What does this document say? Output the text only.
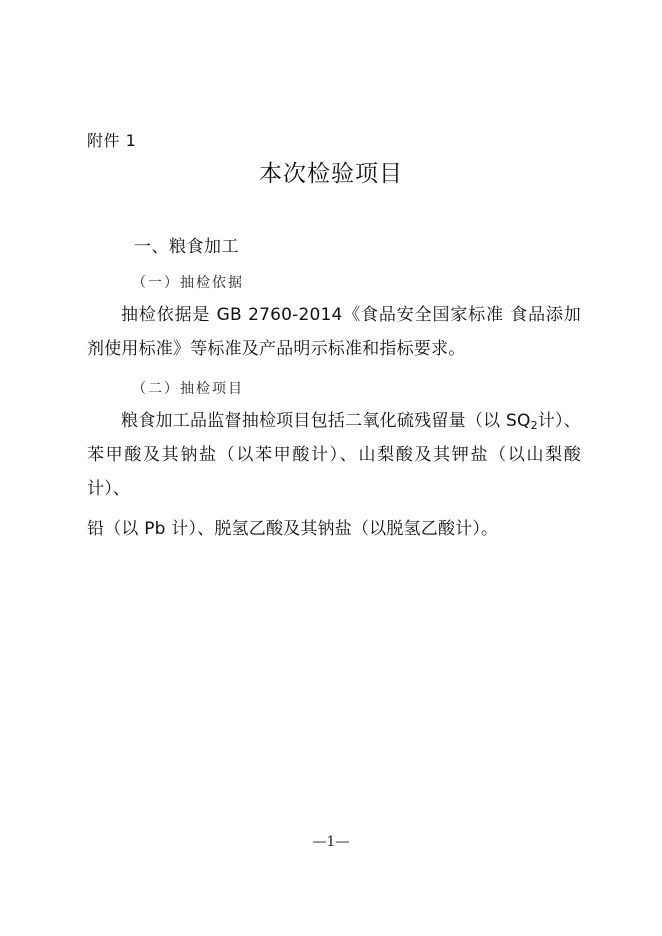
附件 1
本次检验项目
一、粮食加工
（一）抽检依据

抽检依据是 GB 2760-2014《食品安全国家标准 食品添加剂使用标准》等标准及产品明示标准和指标要求。

（二）抽检项目

粮食加工品监督抽检项目包括二氧化硫残留量（以 $SQ_2$计）、苯甲酸及其钠盐（以苯甲酸计）、山梨酸及其钾盐（以山梨酸计）、

铅（以 Pb 计）、脱氢乙酸及其钠盐（以脱氢乙酸计）。

—1—
